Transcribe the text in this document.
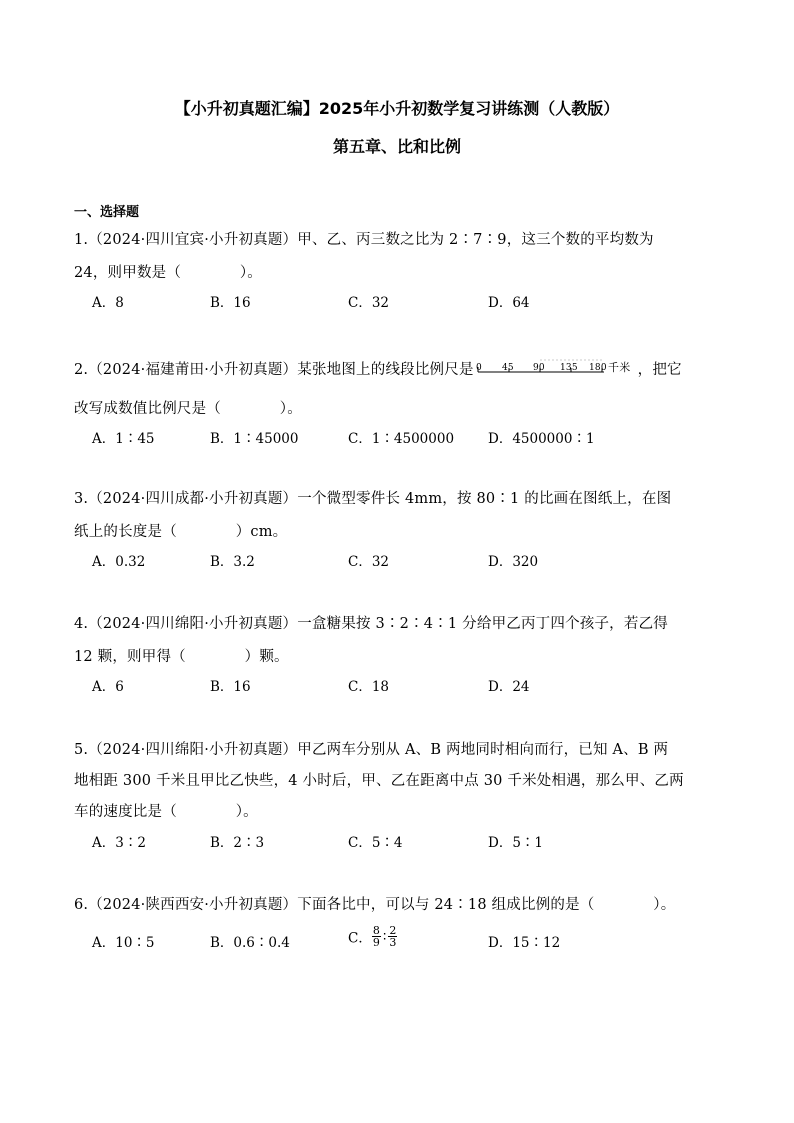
【小升初真题汇编】2025年小升初数学复习讲练测（人教版）
第五章、比和比例
一、选择题
1.（2024·四川宜宾·小升初真题）甲、乙、丙三数之比为 2∶7∶9，这三个数的平均数为
24，则甲数是（　　　　）。
A．8	B．16	C．32	D．64
2.（2024·福建莆田·小升初真题）某张地图上的线段比例尺是 0 45 90 135 180 千米 ，把它
改写成数值比例尺是（　　　　）。
A．1∶45	B．1∶45000	C．1∶4500000	D．4500000∶1
3.（2024·四川成都·小升初真题）一个微型零件长 4mm，按 80∶1 的比画在图纸上，在图
纸上的长度是（　　　　）cm。
A．0.32	B．3.2	C．32	D．320
4.（2024·四川绵阳·小升初真题）一盒糖果按 3∶2∶4∶1 分给甲乙丙丁四个孩子，若乙得
12 颗，则甲得（　　　　）颗。
A．6	B．16	C．18	D．24
5.（2024·四川绵阳·小升初真题）甲乙两车分别从 A、B 两地同时相向而行，已知 A、B 两
地相距 300 千米且甲比乙快些，4 小时后，甲、乙在距离中点 30 千米处相遇，那么甲、乙两
车的速度比是（　　　　）。
A．3∶2	B．2∶3	C．5∶4	D．5∶1
6.（2024·陕西西安·小升初真题）下面各比中，可以与 24∶18 组成比例的是（　　　　）。
A．10∶5	B．0.6∶0.4	C． $\frac{8}{9}$ ∶ $\frac{2}{3}$	D．15∶12
